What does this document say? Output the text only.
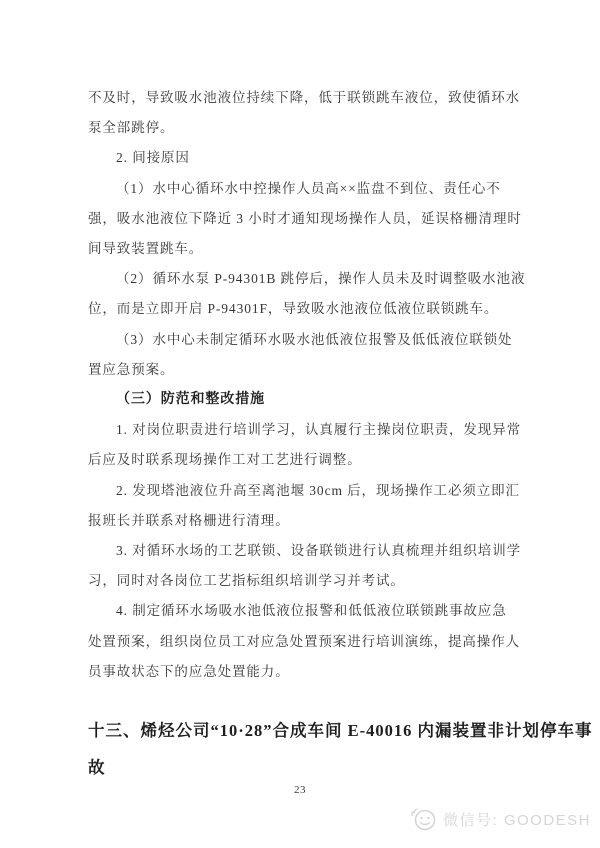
不及时，导致吸水池液位持续下降，低于联锁跳车液位，致使循环水
泵全部跳停。
2. 间接原因
（1）水中心循环水中控操作人员高××监盘不到位、责任心不
强，吸水池液位下降近 3 小时才通知现场操作人员，延误格栅清理时
间导致装置跳车。
（2）循环水泵 P-94301B 跳停后，操作人员未及时调整吸水池液
位，而是立即开启 P-94301F，导致吸水池液位低液位联锁跳车。
（3）水中心未制定循环水吸水池低液位报警及低低液位联锁处
置应急预案。
（三）防范和整改措施
1. 对岗位职责进行培训学习，认真履行主操岗位职责，发现异常
后应及时联系现场操作工对工艺进行调整。
2. 发现塔池液位升高至离池堰 30cm 后，现场操作工必须立即汇
报班长并联系对格栅进行清理。
3. 对循环水场的工艺联锁、设备联锁进行认真梳理并组织培训学
习，同时对各岗位工艺指标组织培训学习并考试。
4. 制定循环水场吸水池低液位报警和低低液位联锁跳事故应急
处置预案，组织岗位员工对应急处置预案进行培训演练，提高操作人
员事故状态下的应急处置能力。
十三、烯烃公司“10·28”合成车间 E-40016 内漏装置非计划停车事
故
23
微信号: GOODESH
